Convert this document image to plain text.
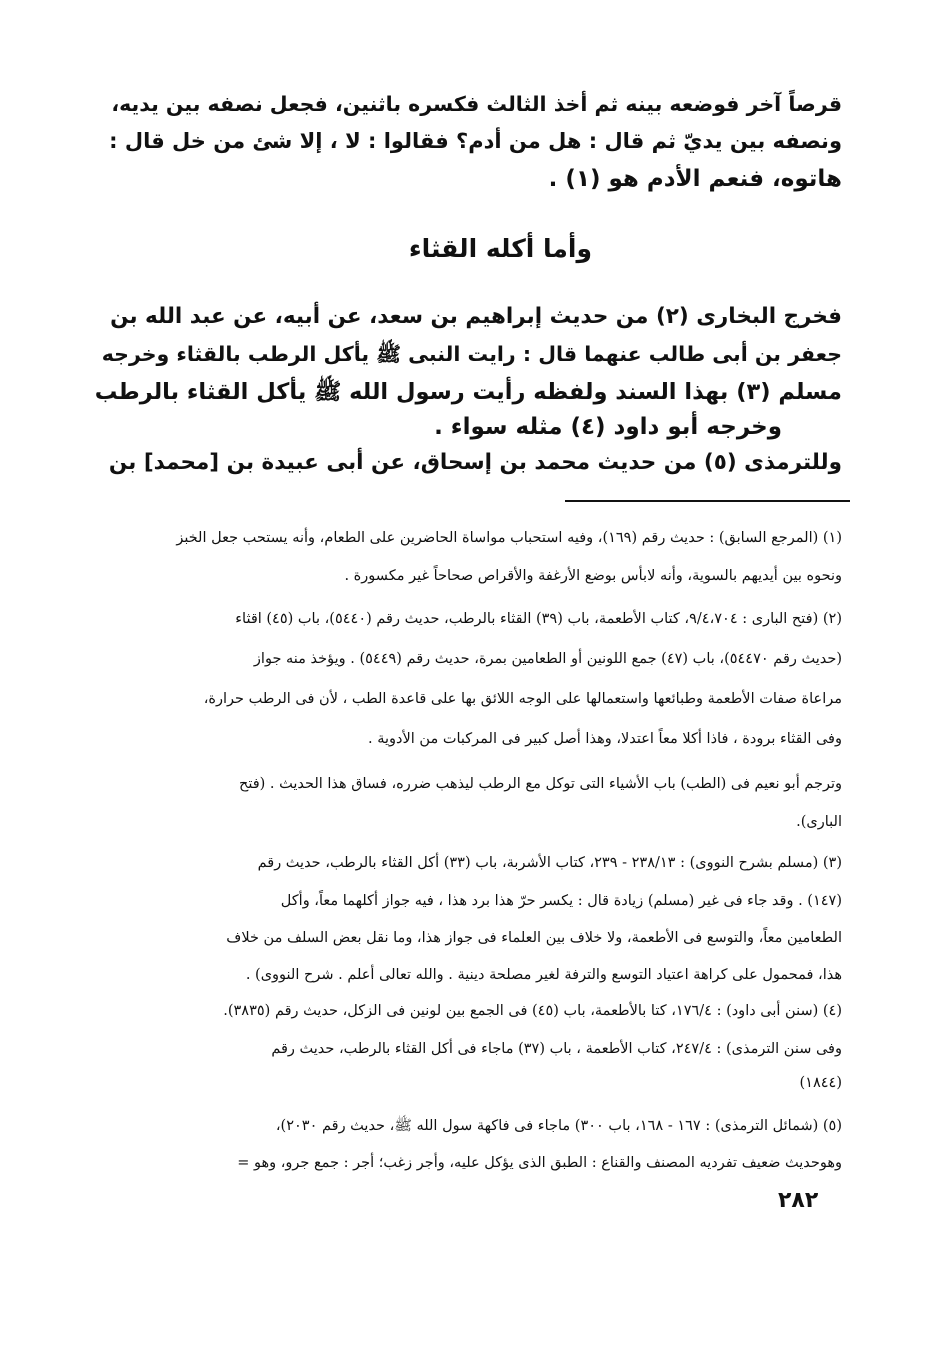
قرصاً آخر فوضعه بينه ثم أخذ الثالث فكسره باثنين، فجعل نصفه بين يديه،
ونصفه بين يديّ ثم قال : هل من أدم؟ فقالوا : لا ، إلا شئ من خل قال :
هاتوه، فنعم الأدم هو (١) .
وأما أكله القثاء
فخرج البخارى (٢) من حديث إبراهيم بن سعد، عن أبيه، عن عبد الله بن
جعفر بن أبى طالب عنهما قال : رايت النبى ﷺ يأكل الرطب بالقثاء وخرجه
مسلم (٣) بهذا السند ولفظه رأيت رسول الله ﷺ يأكل القثاء بالرطب
وخرجه أبو داود (٤) مثله سواء .
وللترمذى (٥) من حديث محمد بن إسحاق، عن أبى عبيدة بن [محمد] بن
(١) (المرجع السابق) : حديث رقم (١٦٩)، وفيه استحباب مواساة الحاضرين على الطعام، وأنه يستحب جعل الخبز
ونحوه بين أيديهم بالسوية، وأنه لابأس بوضع الأرغفة والأقراص صحاحاً غير مكسورة .
(٢) (فتح البارى : ٩/٤،٧٠٤، كتاب الأطعمة، باب (٣٩) القثاء بالرطب، حديث رقم (٥٤٤٠)، باب (٤٥) اقثاء
(حديث رقم ٥٤٤٧٠)، باب (٤٧) جمع اللونين أو الطعامين بمرة، حديث رقم (٥٤٤٩) . ويؤخذ منه جواز
مراعاة صفات الأطعمة وطبائعها واستعمالها على الوجه اللائق بها على قاعدة الطب ، لأن فى الرطب حرارة،
وفى القثاء برودة ، فاذا أكلا معاً اعتدلا، وهذا أصل كبير فى المركبات من الأدوية .
وترجم أبو نعيم فى (الطب) باب الأشياء التى توكل مع الرطب ليذهب ضرره، فساق هذا الحديث . (فتح
البارى).
(٣) (مسلم بشرح النووى) : ٢٣٨/١٣ - ٢٣٩، كتاب الأشربة، باب (٣٣) أكل القثاء بالرطب، حديث رقم
(١٤٧) . وقد جاء فى غير (مسلم) زيادة قال : يكسر حرّ هذا برد هذا ، فيه جواز أكلهما معاً، وأكل
الطعامين معاً، والتوسع فى الأطعمة، ولا خلاف بين العلماء فى جواز هذا، وما نقل بعض السلف من خلاف
هذا، فمحمول على كراهة اعتياد التوسع والترفة لغير مصلحة دينية . والله تعالى أعلم . شرح النووى) .
(٤) (سنن أبى داود) : ١٧٦/٤، كتا بالأطعمة، باب (٤٥) فى الجمع بين لونين فى الزكل، حديث رقم (٣٨٣٥).
وفى سنن الترمذى) : ٢٤٧/٤، كتاب الأطعمة ، باب (٣٧) ماجاء فى أكل القثاء بالرطب، حديث رقم
(١٨٤٤)
(٥) (شمائل الترمذى) : ١٦٧ - ١٦٨، باب ٣٠٠) ماجاء فى فاكهة سول الله ﷺ، حديث رقم ٢٠٣٠)،
وهوحديث ضعيف تفرديه المصنف والقناع : الطبق الذى يؤكل عليه، وأجر زغب؛ أجر : جمع جرو، وهو =
٢٨٢
